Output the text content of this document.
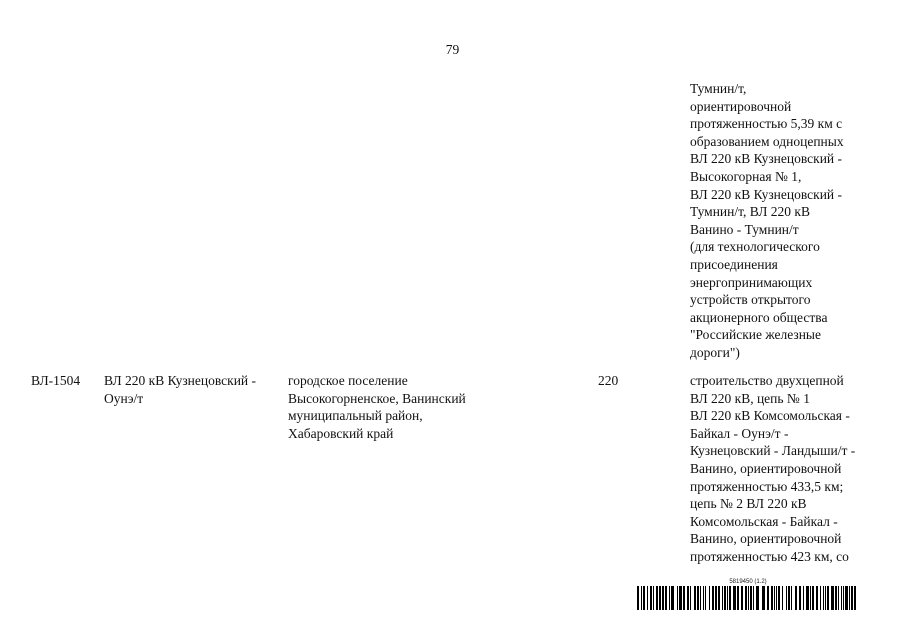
79
Тумнин/т,
ориентировочной
протяженностью 5,39 км с
образованием одноцепных
ВЛ 220 кВ Кузнецовский -
Высокогорная № 1,
ВЛ 220 кВ Кузнецовский -
Тумнин/т, ВЛ 220 кВ
Ванино - Тумнин/т
(для технологического
присоединения
энергопринимающих
устройств открытого
акционерного общества
"Российские железные
дороги")
ВЛ-1504 ВЛ 220 кВ Кузнецовский -
Оунэ/т
городское поселение
Высокогорненское, Ванинский
муниципальный район,
Хабаровский край
220	строительство двухцепной
ВЛ 220 кВ, цепь № 1
ВЛ 220 кВ Комсомольская -
Байкал - Оунэ/т -
Кузнецовский - Ландыши/т -
Ванино, ориентировочной
протяженностью 433,5 км;
цепь № 2 ВЛ 220 кВ
Комсомольская - Байкал -
Ванино, ориентировочной
протяженностью 423 км, со
5819450 (1.2)
